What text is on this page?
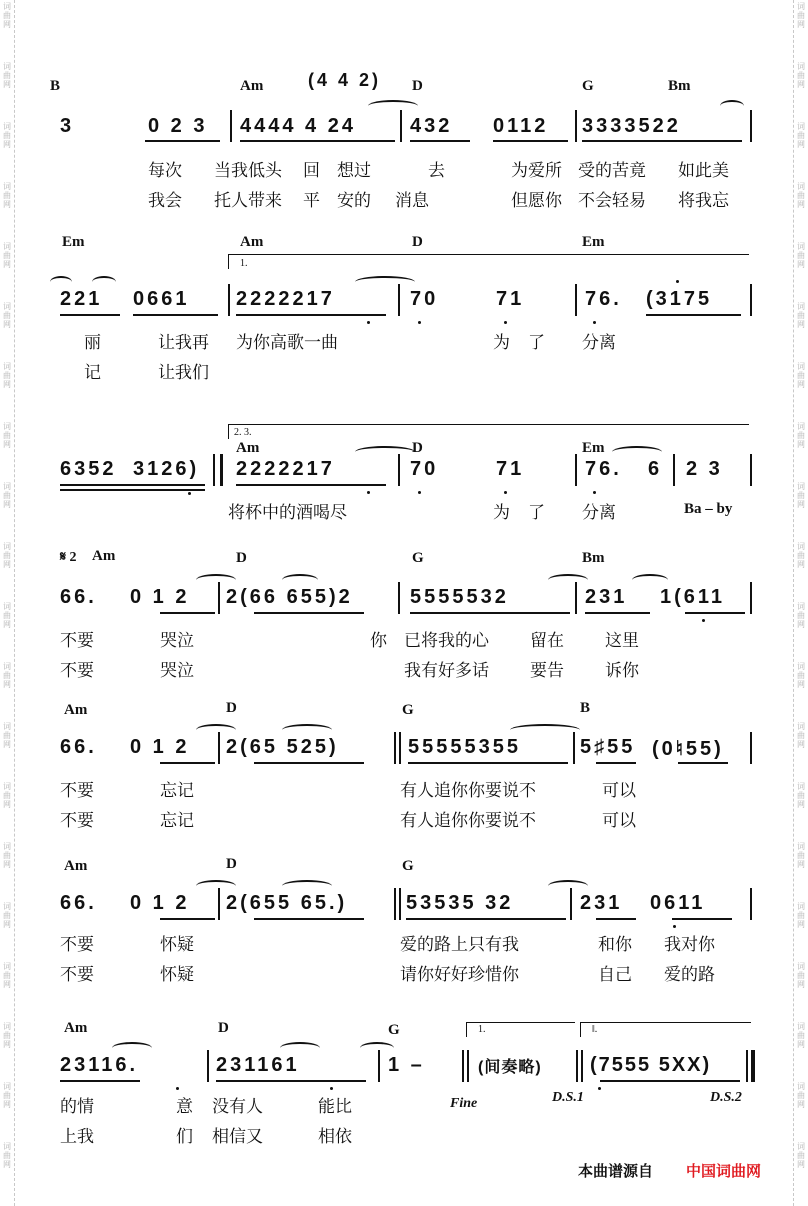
词
曲
网
词
曲
网
词
曲
网
词
曲
网
词
曲
网
词
曲
网
词
曲
网
词
曲
网
词
曲
网
词
曲
网
词
曲
网
词
曲
网
词
曲
网
词
曲
网
词
曲
网
词
曲
网
词
曲
网
词
曲
网
词
曲
网
词
曲
网
词
曲
网
词
曲
网
词
曲
网
词
曲
网
词
曲
网
词
曲
网
词
曲
网
词
曲
网
词
曲
网
词
曲
网
词
曲
网
词
曲
网
词
曲
网
词
曲
网
词
曲
网
词
曲
网
词
曲
网
词
曲
网
词
曲
网
词
曲
网
B	Am (4 4 2) D	G	Bm
3	0 2 3 4444 4 24	432 0112 3333522
每次 当我低头 回 想过	去	为爱所 受的苦竟 如此美
我会 托人带来 平 安的 消息	但愿你 不会轻易 将我忘
Em	Am	D	Em
1.
221 0661 2222217	70	71	76. (3175
丽	让我再 为你高歌一曲	为 了 分离
记	让我们
2. 3.
Am	D	Em
6352 3126) 2222217	70	71	76. 6 2 3
将杯中的酒喝尽	为 了 分离	Ba – by
𝄋 2 Am	D	G	Bm
66. 0 1 2 2(66 655)2	5555532	231 1(611
不要	哭泣	你 已将我的心 留在 这里
不要	哭泣	我有好多话 要告 诉你
Am	D	G	B
66. 0 1 2 2(65 525)	55555355	5♯55 (0♮55)
不要	忘记	有人追你你要说不	可以
不要	忘记	有人追你你要说不	可以
Am	D	G
66. 0 1 2 2(655 65.)	53535 32	231 0611
不要	怀疑	爱的路上只有我	和你 我对你
不要	怀疑	请你好好珍惜你	自己 爱的路
Am	D	G	1.	‖.
23116.	231161	1 –	(间奏略) (7555 5XX)
的情	意 没有人	能比	Fine	D.S.1	D.S.2
上我	们 相信又	相依
本曲谱源自 中国词曲网
